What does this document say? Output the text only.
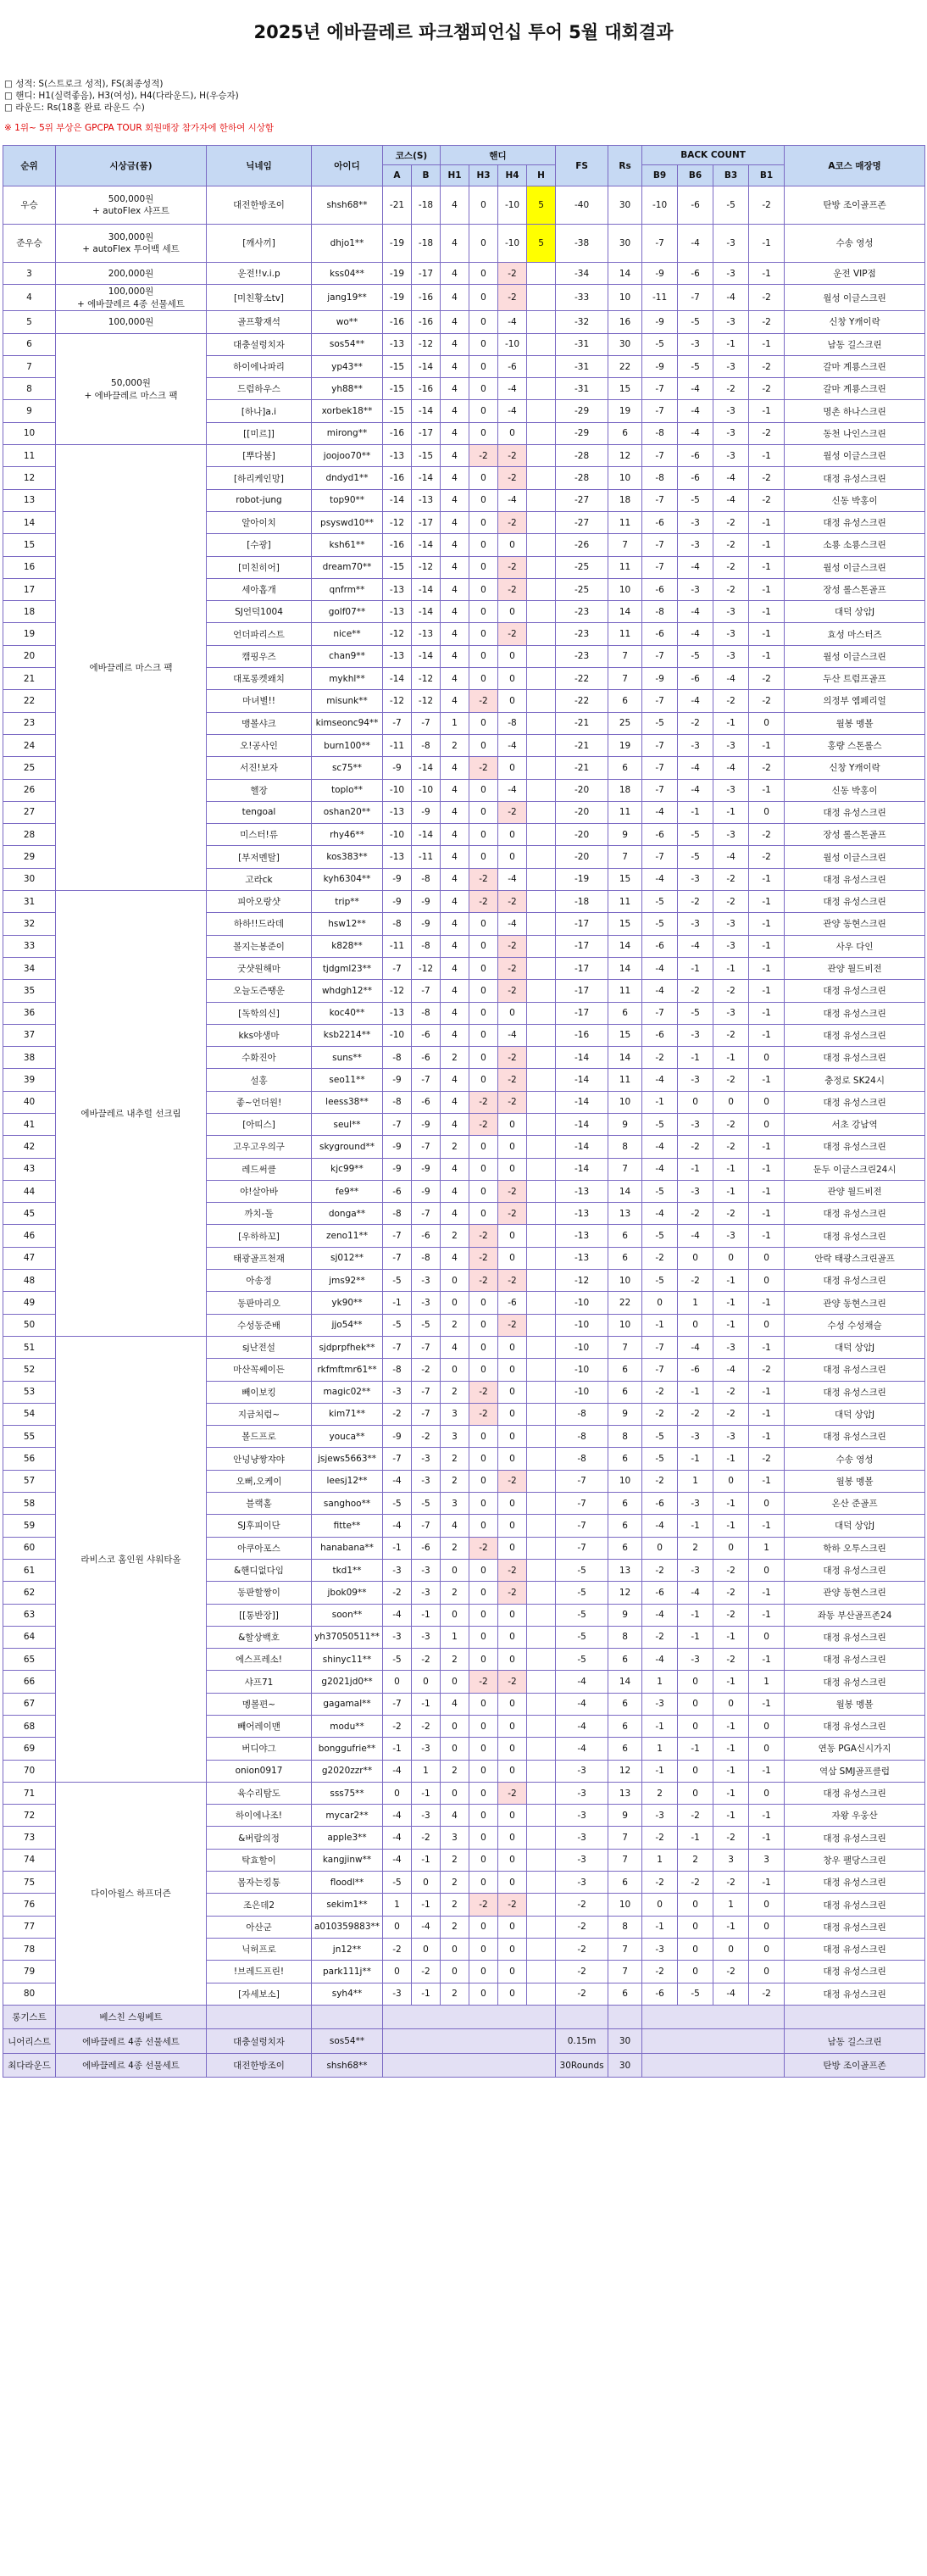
2025년 에바끌레르 파크챔피언십 투어 5월 대회결과
□ 성적: S(스트로크 성적), FS(최종성적)
□ 핸디: H1(실력좋음), H3(여성), H4(다라운드), H(우승자)
□ 라운드: Rs(18홀 완료 라운드 수)
※ 1위~ 5위 부상은 GPCPA TOUR 회원매장 참가자에 한하여 시상함
순위	시상금(품)	닉네임	아이디	코스(S)		핸디				FS	Rs	BACK COUNT				A코스 매장명
				A	B	H1	H3	H4	H			B9	B6	B3	B1	
우승	500,000원
+ autoFlex 샤프트	대전한방조이	shsh68**	-21	-18	4	0	-10	5	-40	30	-10	-6	-5	-2	탄방 조이골프존
준우승	300,000원
+ autoFlex 투어백 세트	[깨사끼]	dhjo1**	-19	-18	4	0	-10	5	-38	30	-7	-4	-3	-1	수송 영성
3	200,000원	운전!!v.i.p	kss04**	-19	-17	4	0	-2		-34	14	-9	-6	-3	-1	운전 VIP점
4	100,000원
+ 에바끌레르 4종 선물세트	[미친황소tv]	jang19**	-19	-16	4	0	-2		-33	10	-11	-7	-4	-2	월성 이글스크린
5	100,000원	골프황재석	wo**	-16	-16	4	0	-4		-32	16	-9	-5	-3	-2	신창 Y캐이락
6	50,000원
+ 에바끌레르 마스크 팩	대충설렁치자	sos54**	-13	-12	4	0	-10		-31	30	-5	-3	-1	-1	남동 길스크린
7		하이에나파리	yp43**	-15	-14	4	0	-6		-31	22	-9	-5	-3	-2	갈마 계룡스크린
8		드럼하우스	yh88**	-15	-16	4	0	-4		-31	15	-7	-4	-2	-2	갈마 계룡스크린
9		[하나]a.i	xorbek18**	-15	-14	4	0	-4		-29	19	-7	-4	-3	-1	명촌 하나스크린
10		[[미르]]	mirong**	-16	-17	4	0	0		-29	6	-8	-4	-3	-2	동천 나인스크린
11	에바끌레르 마스크 팩	[뿌다붐]	joojoo70**	-13	-15	4	-2	-2		-28	12	-7	-6	-3	-1	월성 이글스크린
12		[하리케인망]	dndyd1**	-16	-14	4	0	-2		-28	10	-8	-6	-4	-2	대정 유성스크린
13		robot-jung	top90**	-14	-13	4	0	-4		-27	18	-7	-5	-4	-2	신동 박홍이
14		알아이치	psyswd10**	-12	-17	4	0	-2		-27	11	-6	-3	-2	-1	대정 유성스크린
15		[수광]	ksh61**	-16	-14	4	0	0		-26	7	-7	-3	-2	-1	소룡 소룡스크린
16		[미친히어]	dream70**	-15	-12	4	0	-2		-25	11	-7	-4	-2	-1	월성 이글스크린
17		세아홉개	qnfrm**	-13	-14	4	0	-2		-25	10	-6	-3	-2	-1	장성 롤스톤골프
18		SJ언덕1004	golf07**	-13	-14	4	0	0		-23	14	-8	-4	-3	-1	대덕 상암J
19		언더파리스트	nice**	-12	-13	4	0	-2		-23	11	-6	-4	-3	-1	효성 마스터즈
20		캠핑우즈	chan9**	-13	-14	4	0	0		-23	7	-7	-5	-3	-1	월성 이글스크린
21		대포롱켓왜치	mykhl**	-14	-12	4	0	0		-22	7	-9	-6	-4	-2	두산 트럼프골프
22		마녀별!!	misunk**	-12	-12	4	-2	0		-22	6	-7	-4	-2	-2	의정부 엠페리얼
23		맹볼샤크	kimseonc94**	-7	-7	1	0	-8		-21	25	-5	-2	-1	0	월봉 멩볼
24		오!공사인	burn100**	-11	-8	2	0	-4		-21	19	-7	-3	-3	-1	홍량 스톤롤스
25		서진!보자	sc75**	-9	-14	4	-2	0		-21	6	-7	-4	-4	-2	신창 Y캐이락
26		헬장	toplo**	-10	-10	4	0	-4		-20	18	-7	-4	-3	-1	신동 박홍이
27		tengoal	oshan20**	-13	-9	4	0	-2		-20	11	-4	-1	-1	0	대정 유성스크린
28		미스터!류	rhy46**	-10	-14	4	0	0		-20	9	-6	-5	-3	-2	장성 롤스톤골프
29		[부저멘탈]	kos383**	-13	-11	4	0	0		-20	7	-7	-5	-4	-2	월성 이글스크린
30		고라ck	kyh6304**	-9	-8	4	-2	-4		-19	15	-4	-3	-2	-1	대정 유성스크린
31	에바끌레르 내추럴 선크림	피아오랑샷	trip**	-9	-9	4	-2	-2		-18	11	-5	-2	-2	-1	대정 유성스크린
32		하하!!드라데	hsw12**	-8	-9	4	0	-4		-17	15	-5	-3	-3	-1	관양 동현스크린
33		볼지는봉준이	k828**	-11	-8	4	0	-2		-17	14	-6	-4	-3	-1	사우 다인
34		굿샷원해마	tjdgml23**	-7	-12	4	0	-2		-17	14	-4	-1	-1	-1	관양 월드비전
35		오늘도즌땡운	whdgh12**	-12	-7	4	0	-2		-17	11	-4	-2	-2	-1	대정 유성스크린
36		[독학의신]	koc40**	-13	-8	4	0	0		-17	6	-7	-5	-3	-1	대정 유성스크린
37		kks야생마	ksb2214**	-10	-6	4	0	-4		-16	15	-6	-3	-2	-1	대정 유성스크린
38		수화진아	suns**	-8	-6	2	0	-2		-14	14	-2	-1	-1	0	대정 유성스크린
39		설홍	seo11**	-9	-7	4	0	-2		-14	11	-4	-3	-2	-1	충정로 SK24시
40		좋~언더원!	leess38**	-8	-6	4	-2	-2		-14	10	-1	0	0	0	대정 유성스크린
41		[아띠스]	seul**	-7	-9	4	-2	0		-14	9	-5	-3	-2	0	서초 강남역
42		고우고우의구	skyground**	-9	-7	2	0	0		-14	8	-4	-2	-2	-1	대정 유성스크린
43		레드써클	kjc99**	-9	-9	4	0	0		-14	7	-4	-1	-1	-1	둔두 이글스크린24시
44		야!살아바	fe9**	-6	-9	4	0	-2		-13	14	-5	-3	-1	-1	관양 월드비전
45		까치-돌	donga**	-8	-7	4	0	-2		-13	13	-4	-2	-2	-1	대정 유성스크린
46		[우하하꼬]	zeno11**	-7	-6	2	-2	0		-13	6	-5	-4	-3	-1	대정 유성스크린
47		태광골프천재	sj012**	-7	-8	4	-2	0		-13	6	-2	0	0	0	안락 태광스크린골프
48		아송정	jms92**	-5	-3	0	-2	-2		-12	10	-5	-2	-1	0	대정 유성스크린
49		동판마리오	yk90**	-1	-3	0	0	-6		-10	22	0	1	-1	-1	관양 동현스크린
50		수성동준배	jjo54**	-5	-5	2	0	-2		-10	10	-1	0	-1	0	수성 수성채슬
51	라비스코 홈인원 샤워타올	sj난전설	sjdprpfhek**	-7	-7	4	0	0		-10	7	-7	-4	-3	-1	대덕 상암J
52		마산꼭쎄이든	rkfmftmr61**	-8	-2	0	0	0		-10	6	-7	-6	-4	-2	대정 유성스크린
53		빼이보킹	magic02**	-3	-7	2	-2	0		-10	6	-2	-1	-2	-1	대정 유성스크린
54		지금처럼~	kim71**	-2	-7	3	-2	0		-8	9	-2	-2	-2	-1	대덕 상암J
55		볼드프로	youca**	-9	-2	3	0	0		-8	8	-5	-3	-3	-1	대정 유성스크린
56		안넝냥짱쟈야	jsjews5663**	-7	-3	2	0	0		-8	6	-5	-1	-1	-2	수송 영성
57		오뻐,오케이	leesj12**	-4	-3	2	0	-2		-7	10	-2	1	0	-1	월봉 멩볼
58		블랙홀	sanghoo**	-5	-5	3	0	0		-7	6	-6	-3	-1	0	온산 준골프
59		SJ후피이단	fitte**	-4	-7	4	0	0		-7	6	-4	-1	-1	-1	대덕 상암J
60		아쿠아포스	hanabana**	-1	-6	2	-2	0		-7	6	0	2	0	1	학하 오투스크린
61		&핸디없다임	tkd1**	-3	-3	0	0	-2		-5	13	-2	-3	-2	0	대정 유성스크린
62		동판할짱이	jbok09**	-2	-3	2	0	-2		-5	12	-6	-4	-2	-1	관양 동현스크린
63		[[통반장]]	soon**	-4	-1	0	0	0		-5	9	-4	-1	-2	-1	좌동 부산골프존24
64		&할상백호	yh37050511**	-3	-3	1	0	0		-5	8	-2	-1	-1	0	대정 유성스크린
65		에스프레소!	shinyc11**	-5	-2	2	0	0		-5	6	-4	-3	-2	-1	대정 유성스크린
66		샤프71	g2021jd0**	0	0	0	-2	-2		-4	14	1	0	-1	1	대정 유성스크린
67		멩볼편~	gagamal**	-7	-1	4	0	0		-4	6	-3	0	0	-1	월봉 멩볼
68		빼어레이맨	modu**	-2	-2	0	0	0		-4	6	-1	0	-1	0	대정 유성스크린
69		버디야그	bonggufrie**	-1	-3	0	0	0		-4	6	1	-1	-1	0	연동 PGA신시가지
70		onion0917	g2020zzr**	-4	1	2	0	0		-3	12	-1	0	-1	-1	역삼 SMJ골프클럽
71	다이아윌스 하프더즌	육수리탐도	sss75**	0	-1	0	0	-2		-3	13	2	0	-1	0	대정 유성스크린
72		하이에나조!	mycar2**	-4	-3	4	0	0		-3	9	-3	-2	-1	-1	자왕 우웅산
73		&버람의정	apple3**	-4	-2	3	0	0		-3	7	-2	-1	-2	-1	대정 유성스크린
74		탁효할이	kangjinw**	-4	-1	2	0	0		-3	7	1	2	3	3	창우 팰당스크린
75		몸자는킹통	floodl**	-5	0	2	0	0		-3	6	-2	-2	-2	-1	대정 유성스크린
76		조은데2	sekim1**	1	-1	2	-2	-2		-2	10	0	0	1	0	대정 유성스크린
77		아산군	a010359883**	0	-4	2	0	0		-2	8	-1	0	-1	0	대정 유성스크린
78		닉허프로	jn12**	-2	0	0	0	0		-2	7	-3	0	0	0	대정 유성스크린
79		!브레드프린!	park111j**	0	-2	0	0	0		-2	7	-2	0	-2	0	대정 유성스크린
80		[자세보소]	syh4**	-3	-1	2	0	0		-2	6	-6	-5	-4	-2	대정 유성스크린
롱기스트	베스친 스윙베트															
니어리스트	에바끌레르 4종 선물세트	대충설렁치자	sos54**							0.15m	30					남동 길스크린
최다라운드	에바끌레르 4종 선물세트	대전한방조이	shsh68**							30Rounds	30					탄방 조이골프존
